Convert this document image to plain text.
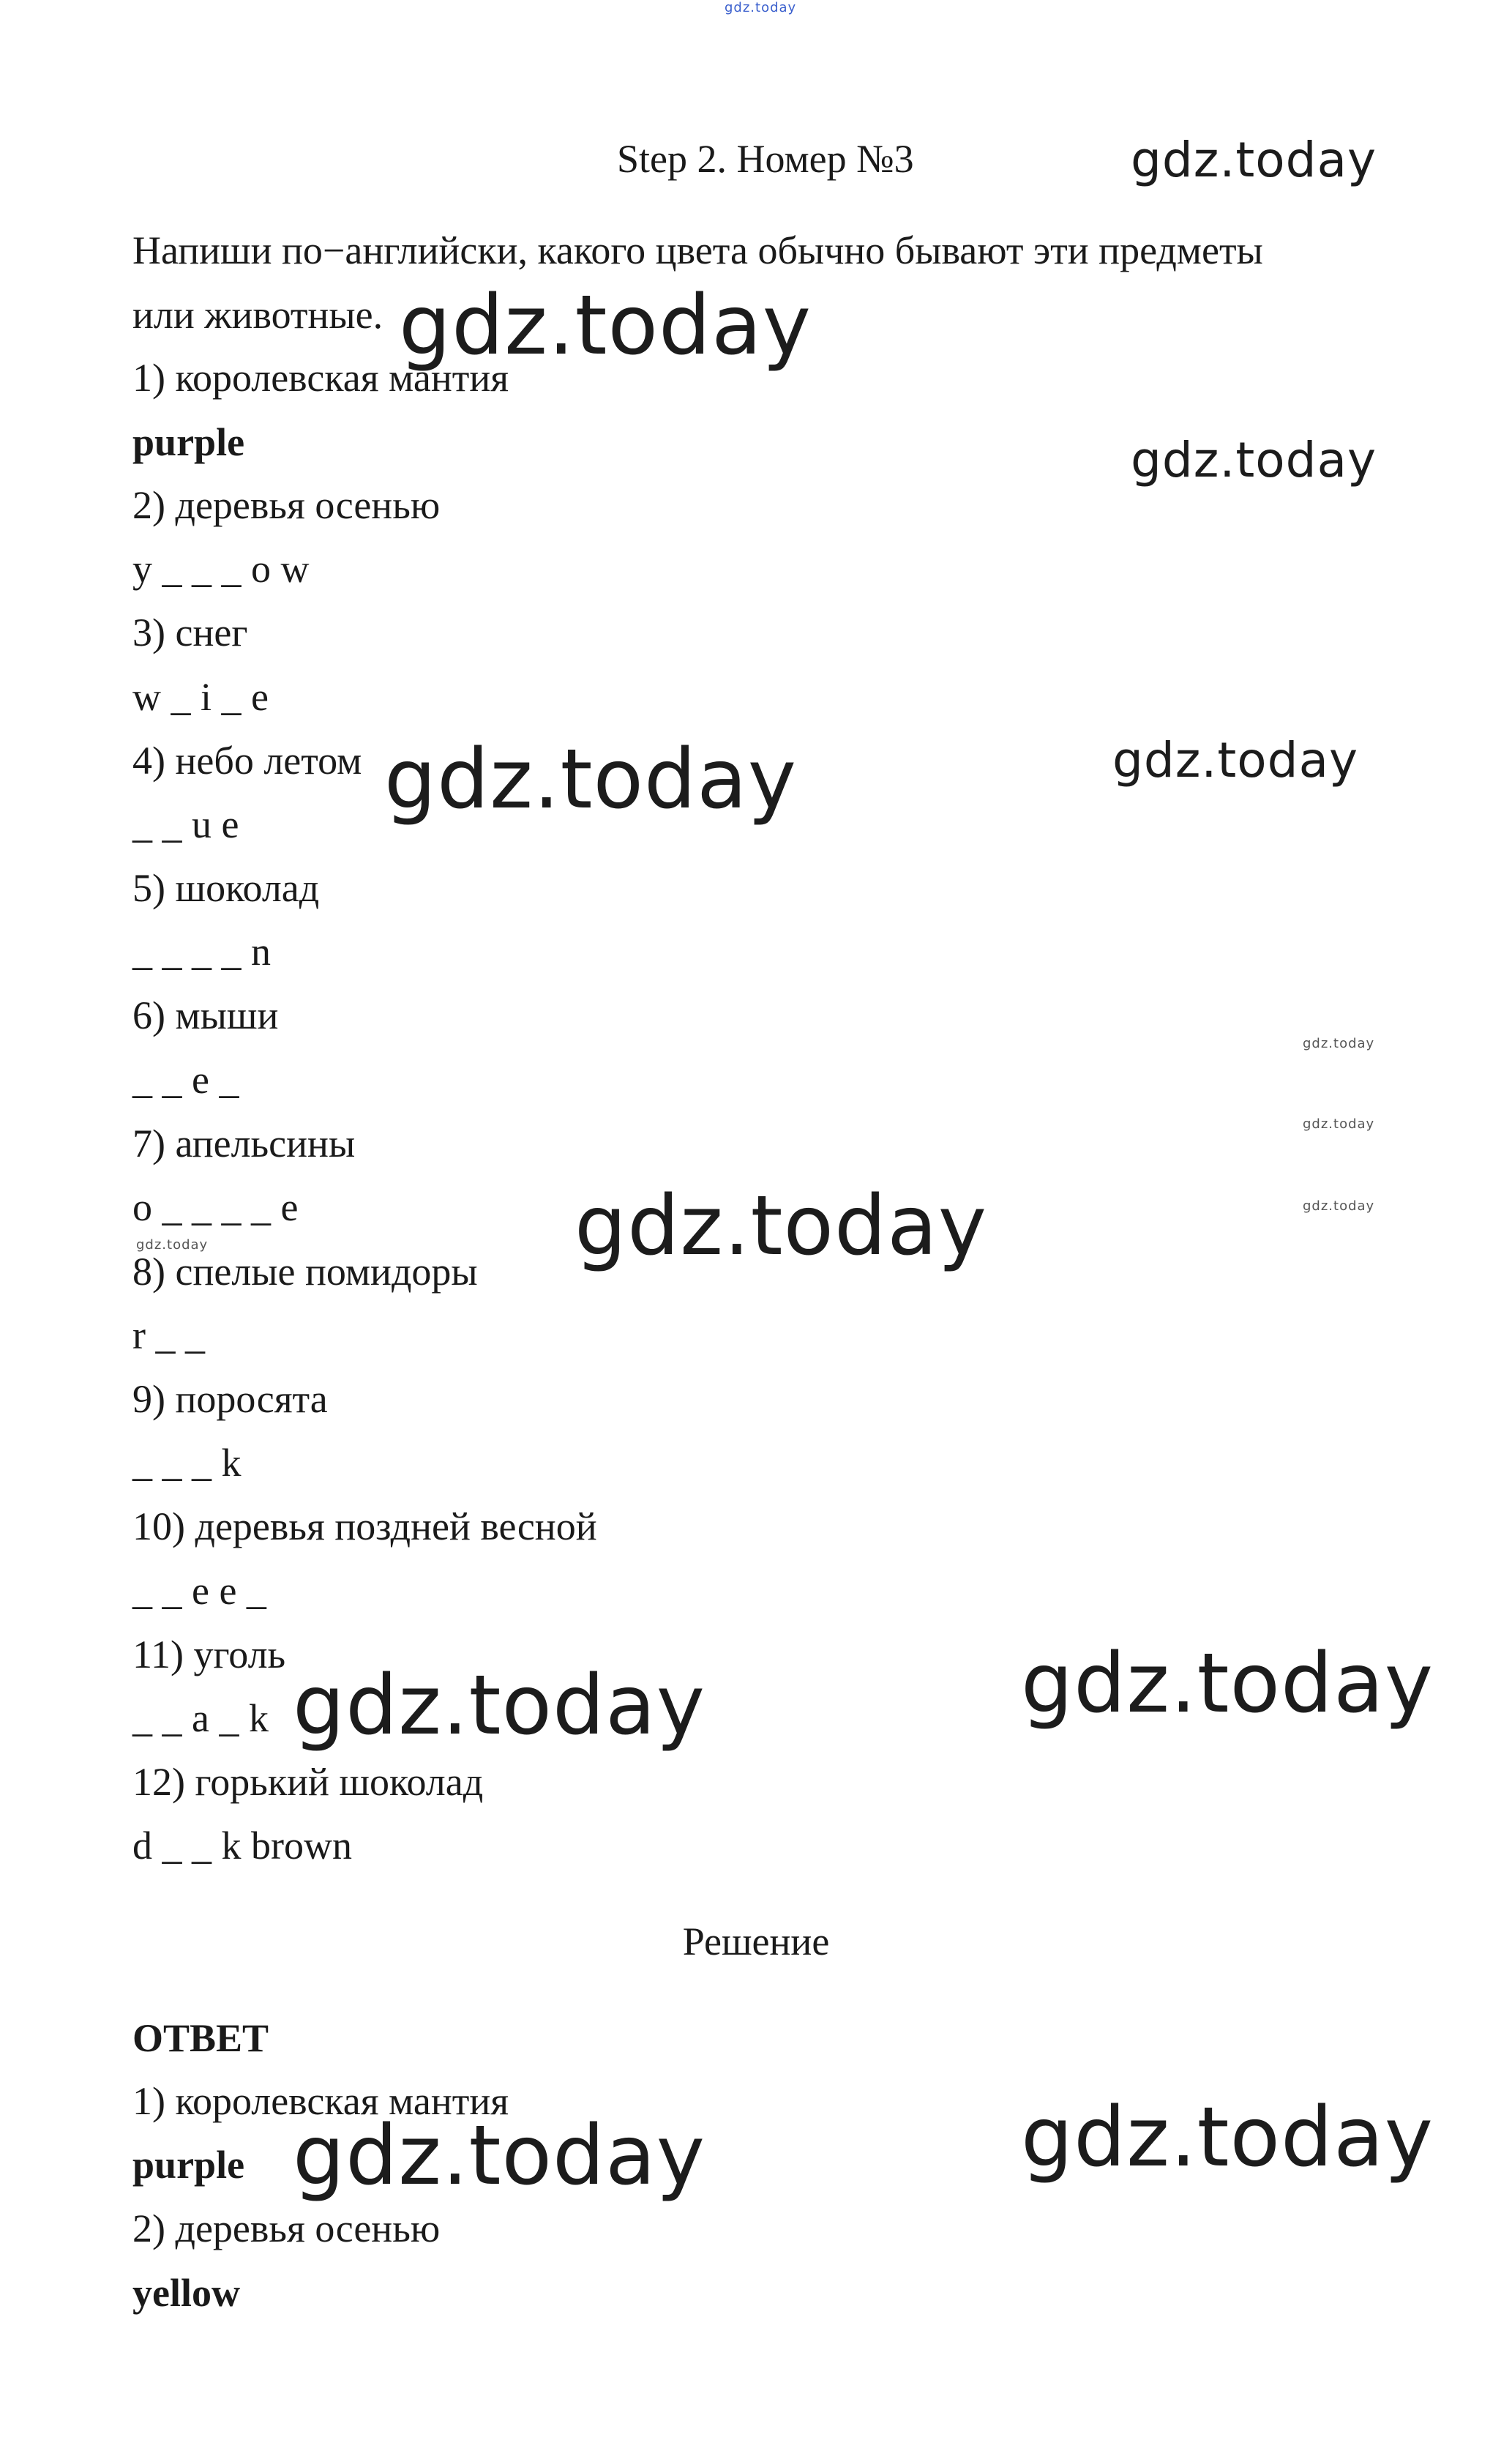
gdz.today
gdz.today
gdz.today
gdz.today
gdz.today	gdz.today
gdz.today
gdz.today
gdz.today
gdz.today
gdz.today
gdz.today	gdz.today
gdz.today	gdz.today
Step 2. Номер №3
Напиши по−английски, какого цвета обычно бывают эти предметы
или животные.
1) королевская мантия
purple
2) деревья осенью
y _ _ _ o w
3) снег
w _ i _ e
4) небо летом
_ _ u e
5) шоколад
_ _ _ _ n
6) мыши
_ _ e _
7) апельсины
o _ _ _ _ e
8) спелые помидоры
r _ _
9) поросята
_ _ _ k
10) деревья поздней весной
_ _ e e _
11) уголь
_ _ a _ k
12) горький шоколад
d _ _ k brown
Решение
ОТВЕТ
1) королевская мантия
purple
2) деревья осенью
yellow
